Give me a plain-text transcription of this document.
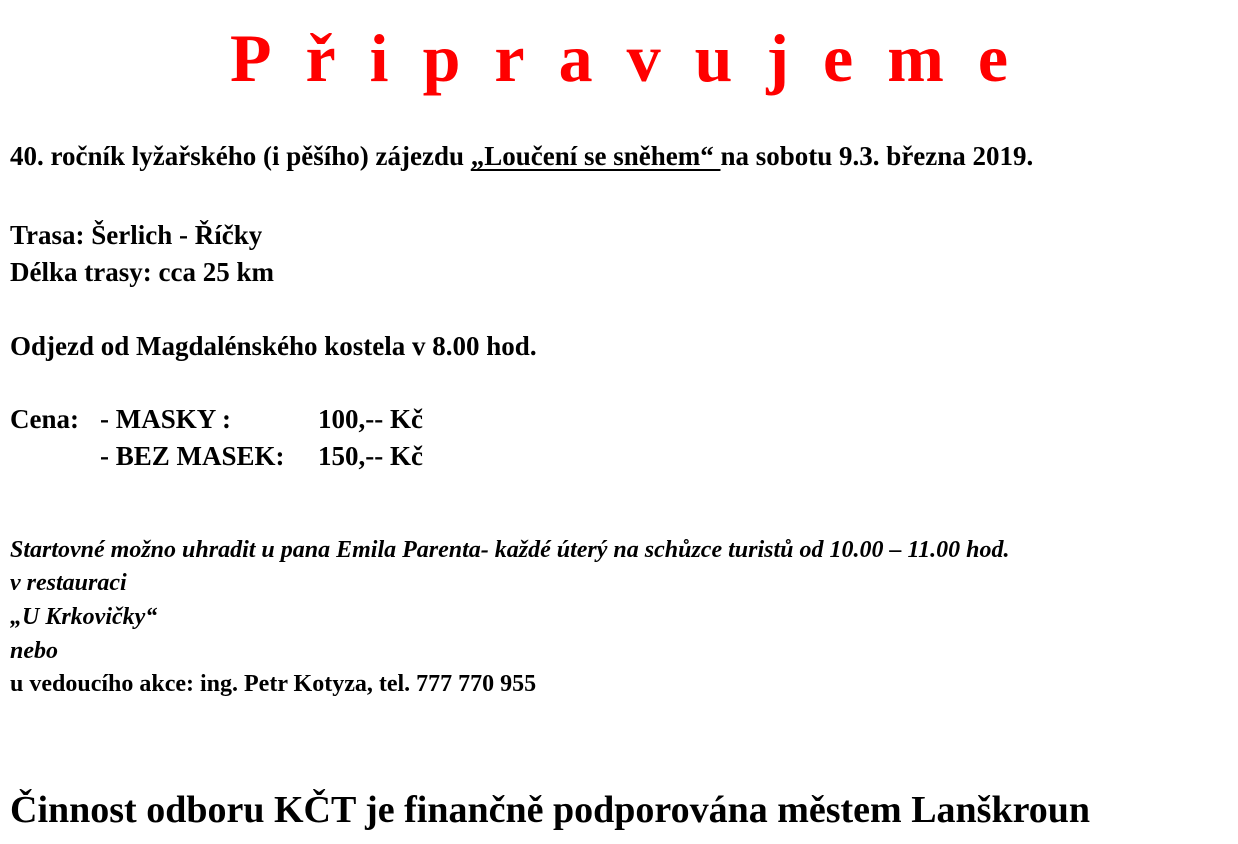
Připravujeme
40. ročník lyžařského (i pěšího) zájezdu „Loučení se sněhem“ na sobotu 9.3. března 2019.
Trasa: Šerlich - Říčky
Délka trasy: cca 25 km
Odjezd od Magdalénského kostela v 8.00 hod.
Cena: - MASKY :	100,-- Kč
- BEZ MASEK: 150,-- Kč
Startovné možno uhradit u pana Emila Parenta- každé úterý na schůzce turistů od 10.00 – 11.00 hod.
v restauraci
„U Krkovičky“
nebo
u vedoucího akce: ing. Petr Kotyza, tel. 777 770 955
Činnost odboru KČT je finančně podporována městem Lanškroun
